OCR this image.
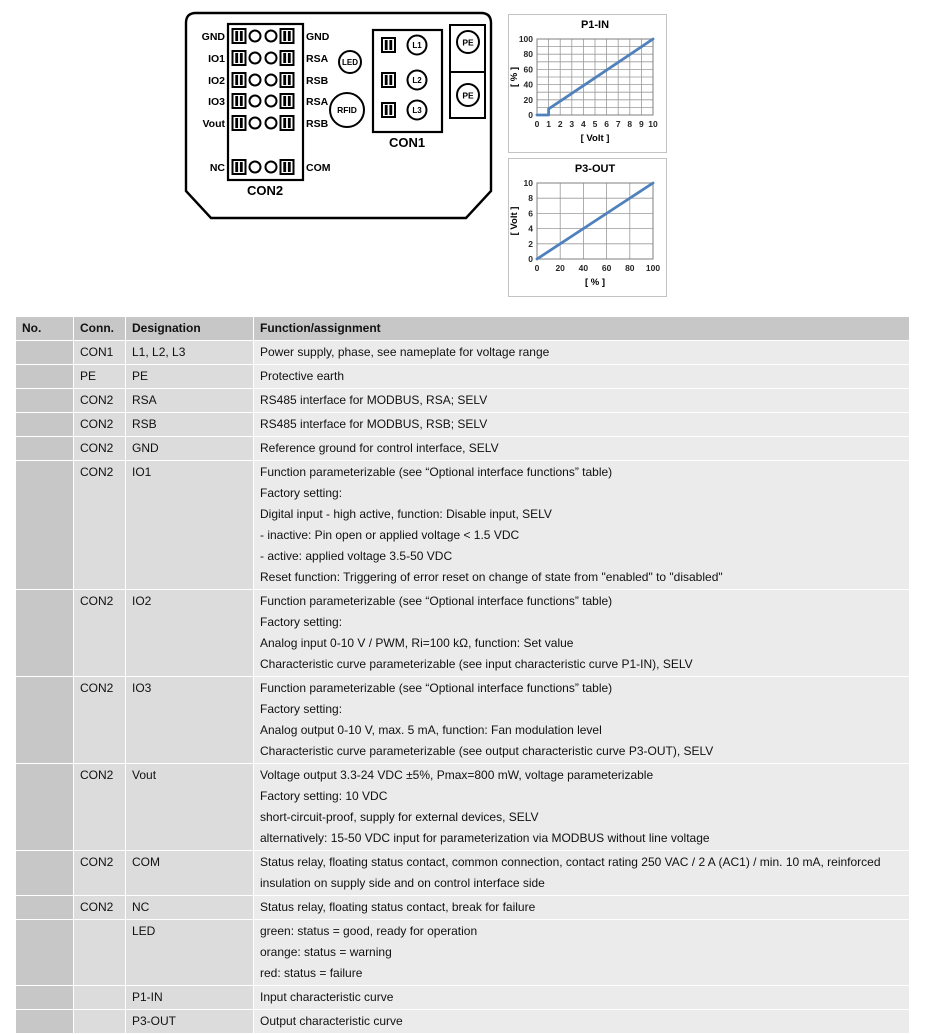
GND	GND
IO1	RSA
IO2	RSB
IO3	RSA
Vout	RSB
NC	COM
CON2
LED
RFID
L1
L2
L3
CON1
PE
PE
P1-IN
0
20
40
60
80
100
0 1 2 3 4 5 6 7 8 9 10
[ Volt ]
[ % ]
P3-OUT
0
2
4
6
8
10
0 20 40 60 80 100
[ % ]
[ Volt ]
No.	Conn.	Designation	Function/assignment
	CON1	L1, L2, L3	Power supply, phase, see nameplate for voltage range

	PE	PE	Protective earth

	CON2	RSA	RS485 interface for MODBUS, RSA; SELV

	CON2	RSB	RS485 interface for MODBUS, RSB; SELV

	CON2	GND	Reference ground for control interface, SELV

	CON2	IO1	Function parameterizable (see “Optional interface functions” table)
Factory setting:
Digital input - high active, function: Disable input, SELV
- inactive: Pin open or applied voltage < 1.5 VDC
- active: applied voltage 3.5-50 VDC
Reset function: Triggering of error reset on change of state from "enabled" to "disabled"

	CON2	IO2	Function parameterizable (see “Optional interface functions” table)
Factory setting:
Analog input 0-10 V / PWM, Ri=100 kΩ, function: Set value
Characteristic curve parameterizable (see input characteristic curve P1-IN), SELV

	CON2	IO3	Function parameterizable (see “Optional interface functions” table)
Factory setting:
Analog output 0-10 V, max. 5 mA, function: Fan modulation level
Characteristic curve parameterizable (see output characteristic curve P3-OUT), SELV

	CON2	Vout	Voltage output 3.3-24 VDC ±5%, Pmax=800 mW, voltage parameterizable
Factory setting: 10 VDC
short-circuit-proof, supply for external devices, SELV
alternatively: 15-50 VDC input for parameterization via MODBUS without line voltage

	CON2	COM	Status relay, floating status contact, common connection, contact rating 250 VAC / 2 A (AC1) / min. 10 mA, reinforced insulation on supply side and on control interface side

	CON2	NC	Status relay, floating status contact, break for failure

		LED	green: status = good, ready for operation
orange: status = warning
red: status = failure

		P1-IN	Input characteristic curve

		P3-OUT	Output characteristic curve
